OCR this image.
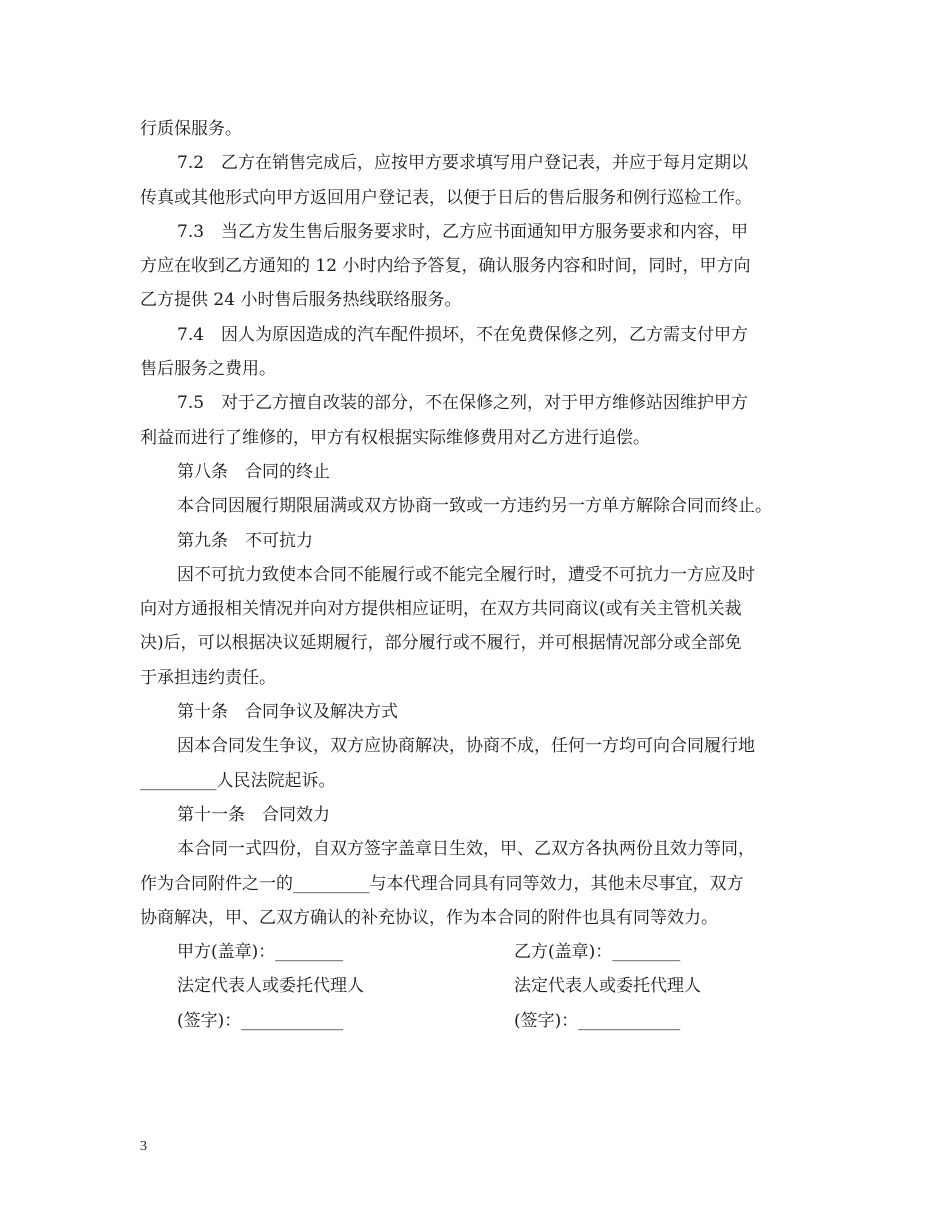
行质保服务。
7.2　乙方在销售完成后，应按甲方要求填写用户登记表，并应于每月定期以
传真或其他形式向甲方返回用户登记表，以便于日后的售后服务和例行巡检工作。
7.3　当乙方发生售后服务要求时，乙方应书面通知甲方服务要求和内容，甲
方应在收到乙方通知的 12 小时内给予答复，确认服务内容和时间，同时，甲方向
乙方提供 24 小时售后服务热线联络服务。
7.4　因人为原因造成的汽车配件损坏，不在免费保修之列，乙方需支付甲方
售后服务之费用。
7.5　对于乙方擅自改装的部分，不在保修之列，对于甲方维修站因维护甲方
利益而进行了维修的，甲方有权根据实际维修费用对乙方进行追偿。
第八条　合同的终止
本合同因履行期限届满或双方协商一致或一方违约另一方单方解除合同而终止。
第九条　不可抗力
因不可抗力致使本合同不能履行或不能完全履行时，遭受不可抗力一方应及时
向对方通报相关情况并向对方提供相应证明，在双方共同商议(或有关主管机关裁
决)后，可以根据决议延期履行，部分履行或不履行，并可根据情况部分或全部免
于承担违约责任。
第十条　合同争议及解决方式
因本合同发生争议，双方应协商解决，协商不成，任何一方均可向合同履行地
_________人民法院起诉。
第十一条　合同效力
本合同一式四份，自双方签字盖章日生效，甲、乙双方各执两份且效力等同，
作为合同附件之一的_________与本代理合同具有同等效力，其他未尽事宜，双方
协商解决，甲、乙双方确认的补充协议，作为本合同的附件也具有同等效力。
甲方(盖章)：________	乙方(盖章)：________
法定代表人或委托代理人	法定代表人或委托代理人
(签字)：____________	(签字)：____________
3
